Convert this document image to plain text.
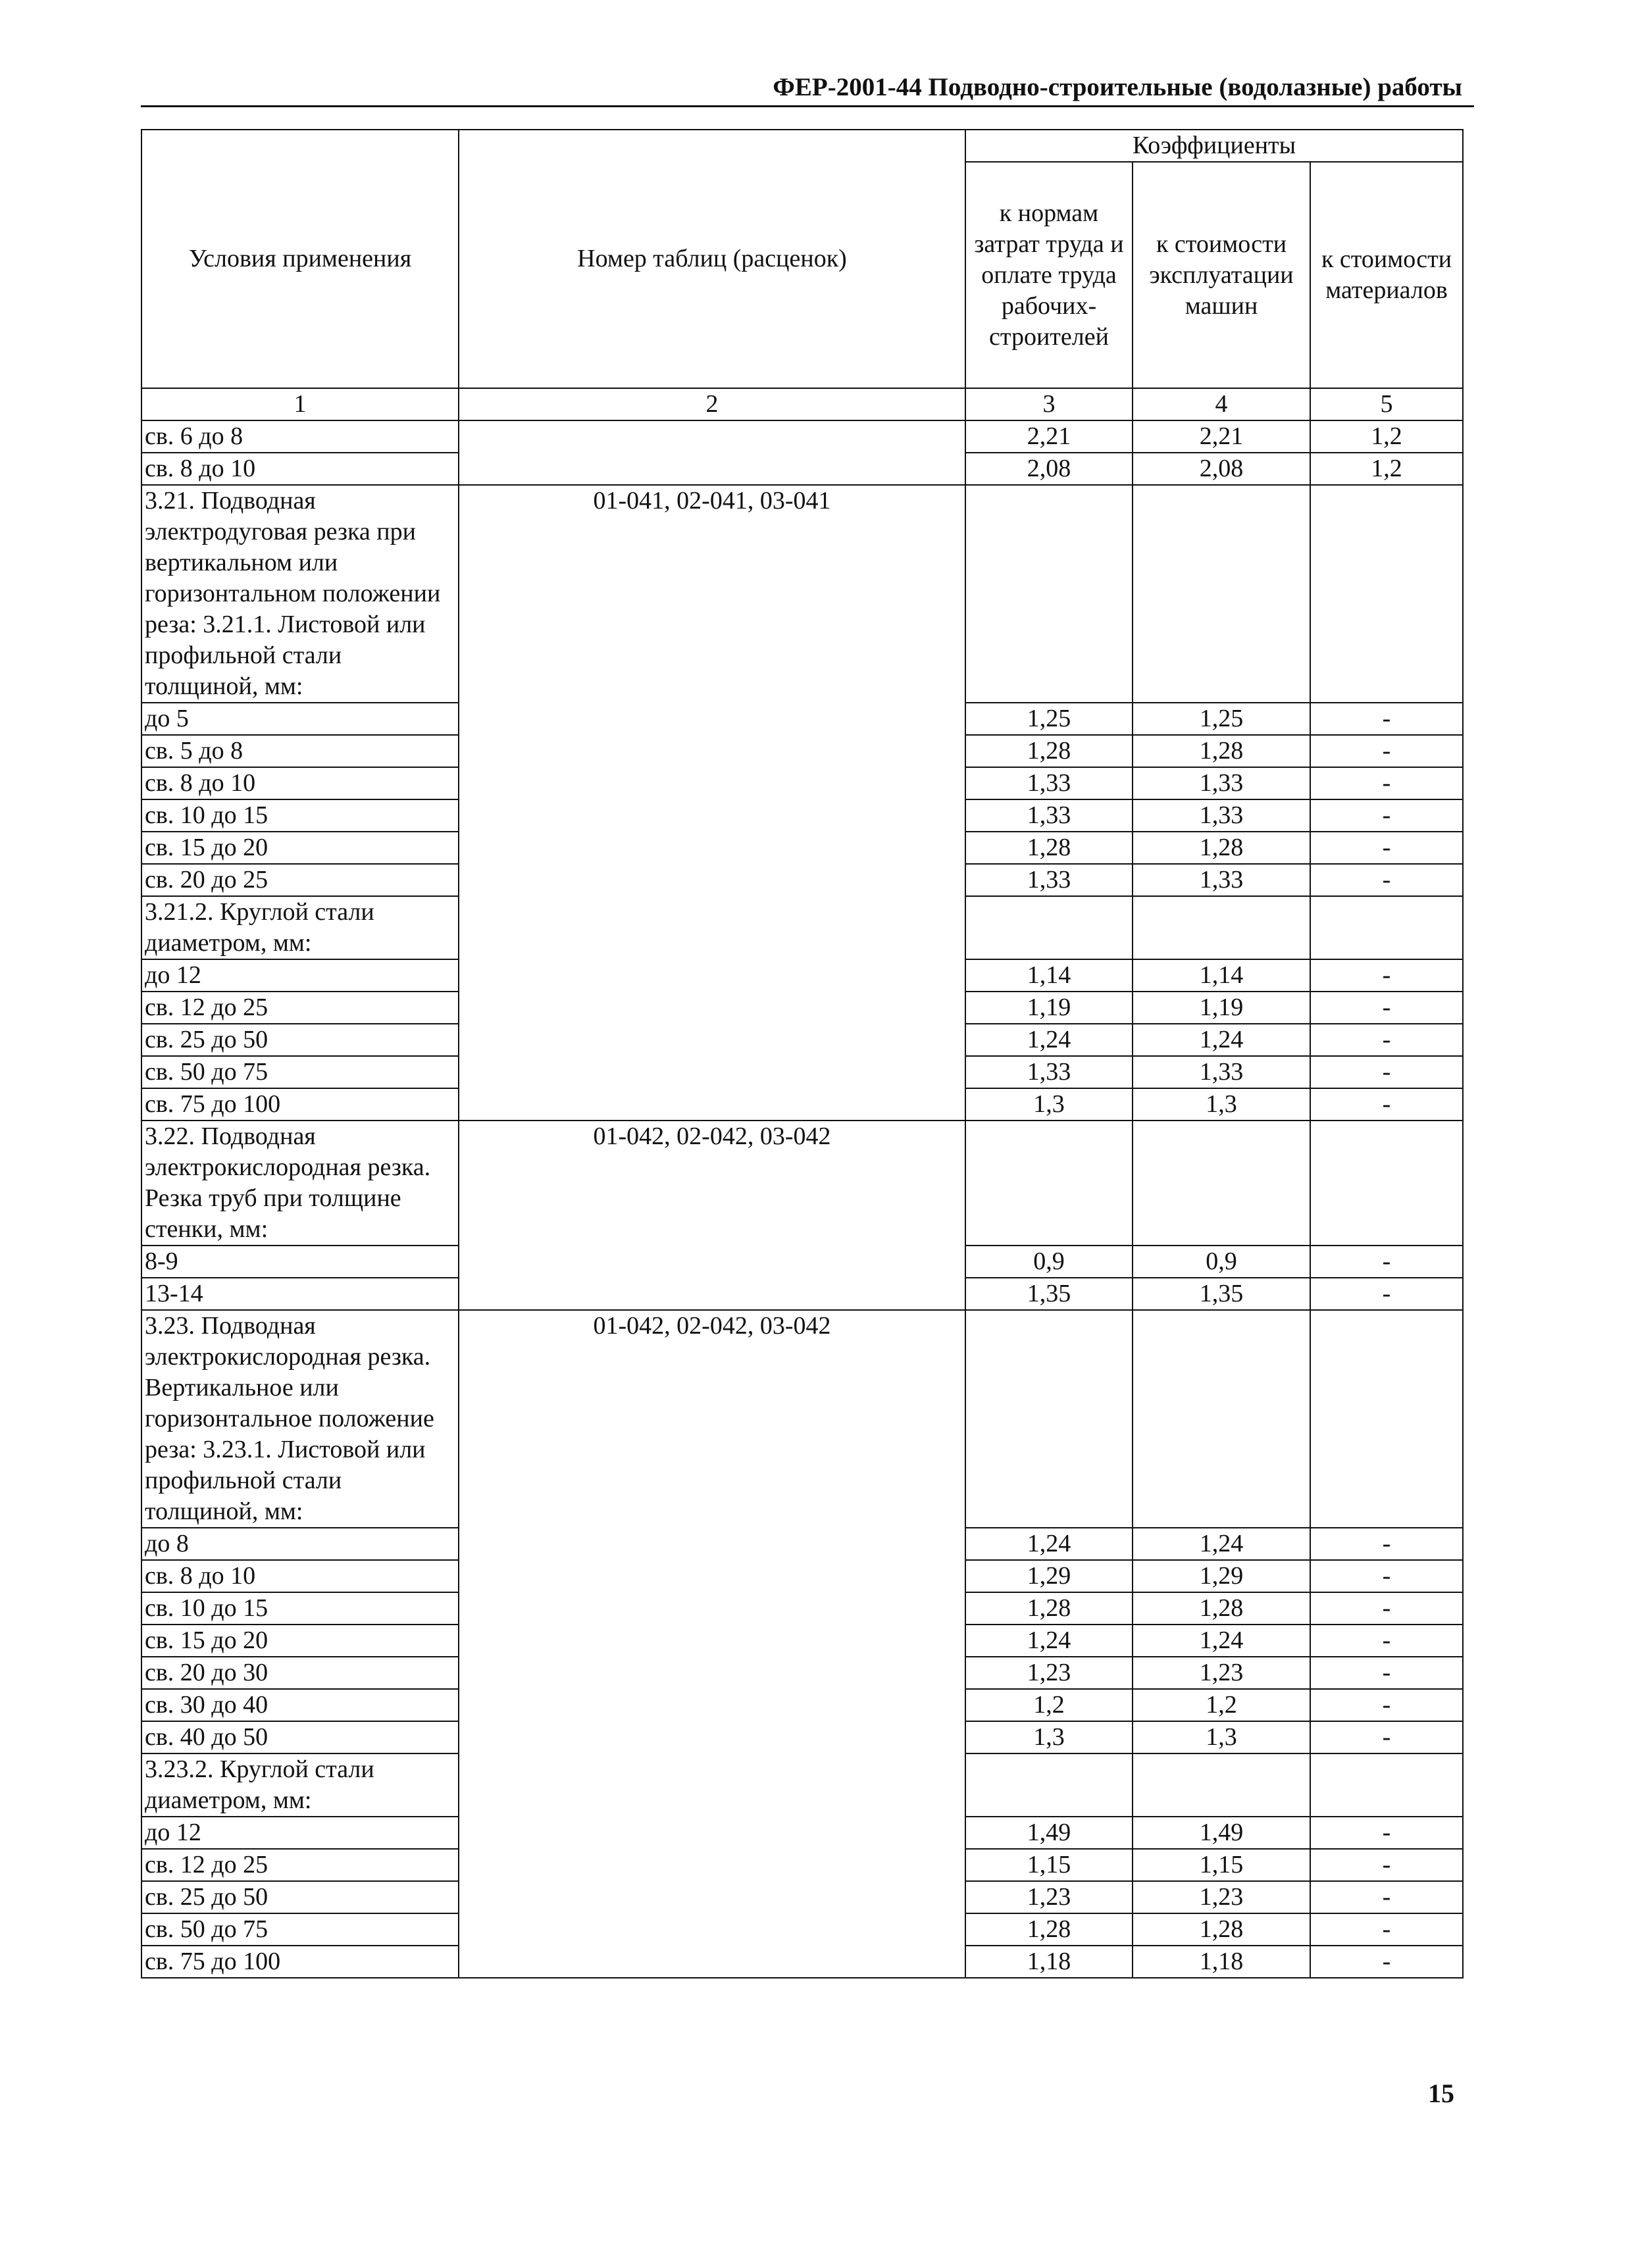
ФЕР-2001-44 Подводно-строительные (водолазные) работы
Условия применения	Номер таблиц (расценок)	Коэффициенты		
		к нормам затрат труда и оплате труда рабочих-строителей	к стоимости эксплуатации машин	к стоимости материалов
1	2	3	4	5
св. 6 до 8		2,21	2,21	1,2
св. 8 до 10		2,08	2,08	1,2
3.21. Подводная электродуговая резка при вертикальном или горизонтальном положении реза: 3.21.1. Листовой или профильной стали толщиной, мм:	01-041, 02-041, 03-041			
до 5		1,25	1,25	-
св. 5 до 8		1,28	1,28	-
св. 8 до 10		1,33	1,33	-
св. 10 до 15		1,33	1,33	-
св. 15 до 20		1,28	1,28	-
св. 20 до 25		1,33	1,33	-
3.21.2. Круглой стали диаметром, мм:				
до 12		1,14	1,14	-
св. 12 до 25		1,19	1,19	-
св. 25 до 50		1,24	1,24	-
св. 50 до 75		1,33	1,33	-
св. 75 до 100		1,3	1,3	-
3.22. Подводная электрокислородная резка. Резка труб при толщине стенки, мм:	01-042, 02-042, 03-042			
8-9		0,9	0,9	-
13-14		1,35	1,35	-
3.23. Подводная электрокислородная резка. Вертикальное или горизонтальное положение реза: 3.23.1. Листовой или профильной стали толщиной, мм:	01-042, 02-042, 03-042			
до 8		1,24	1,24	-
св. 8 до 10		1,29	1,29	-
св. 10 до 15		1,28	1,28	-
св. 15 до 20		1,24	1,24	-
св. 20 до 30		1,23	1,23	-
св. 30 до 40		1,2	1,2	-
св. 40 до 50		1,3	1,3	-
3.23.2. Круглой стали диаметром, мм:				
до 12		1,49	1,49	-
св. 12 до 25		1,15	1,15	-
св. 25 до 50		1,23	1,23	-
св. 50 до 75		1,28	1,28	-
св. 75 до 100		1,18	1,18	-
15
